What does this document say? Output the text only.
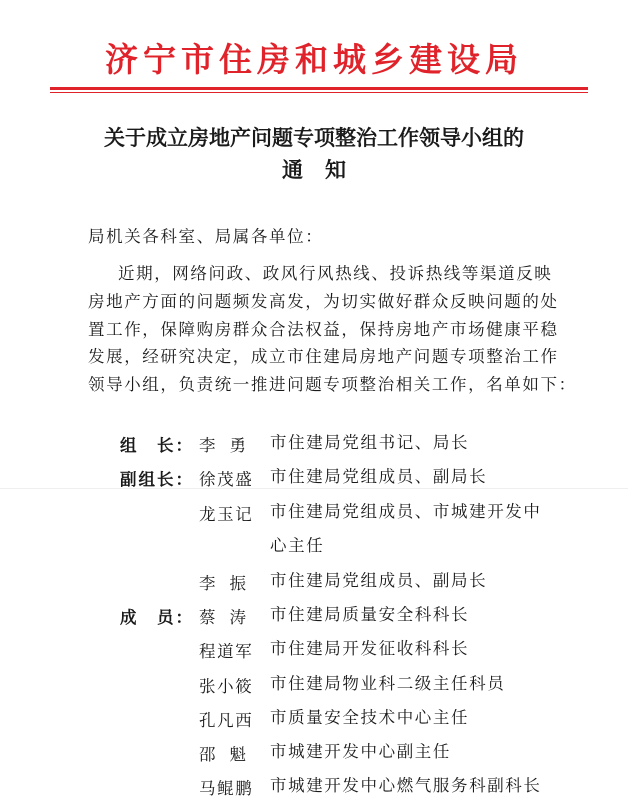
济宁市住房和城乡建设局
关于成立房地产问题专项整治工作领导小组的
通知
局机关各科室、局属各单位：
近期，网络问政、政风行风热线、投诉热线等渠道反映
房地产方面的问题频发高发，为切实做好群众反映问题的处
置工作，保障购房群众合法权益，保持房地产市场健康平稳
发展，经研究决定，成立市住建局房地产问题专项整治工作
领导小组，负责统一推进问题专项整治相关工作，名单如下：
组　长： 李勇 市住建局党组书记、局长
副组长： 徐茂盛 市住建局党组成员、副局长
龙玉记 市住建局党组成员、市城建开发中
心主任
李振 市住建局党组成员、副局长
成　员： 蔡涛 市住建局质量安全科科长
程道军 市住建局开发征收科科长
张小筱 市住建局物业科二级主任科员
孔凡西 市质量安全技术中心主任
邵魁 市城建开发中心副主任
马鲲鹏 市城建开发中心燃气服务科副科长
